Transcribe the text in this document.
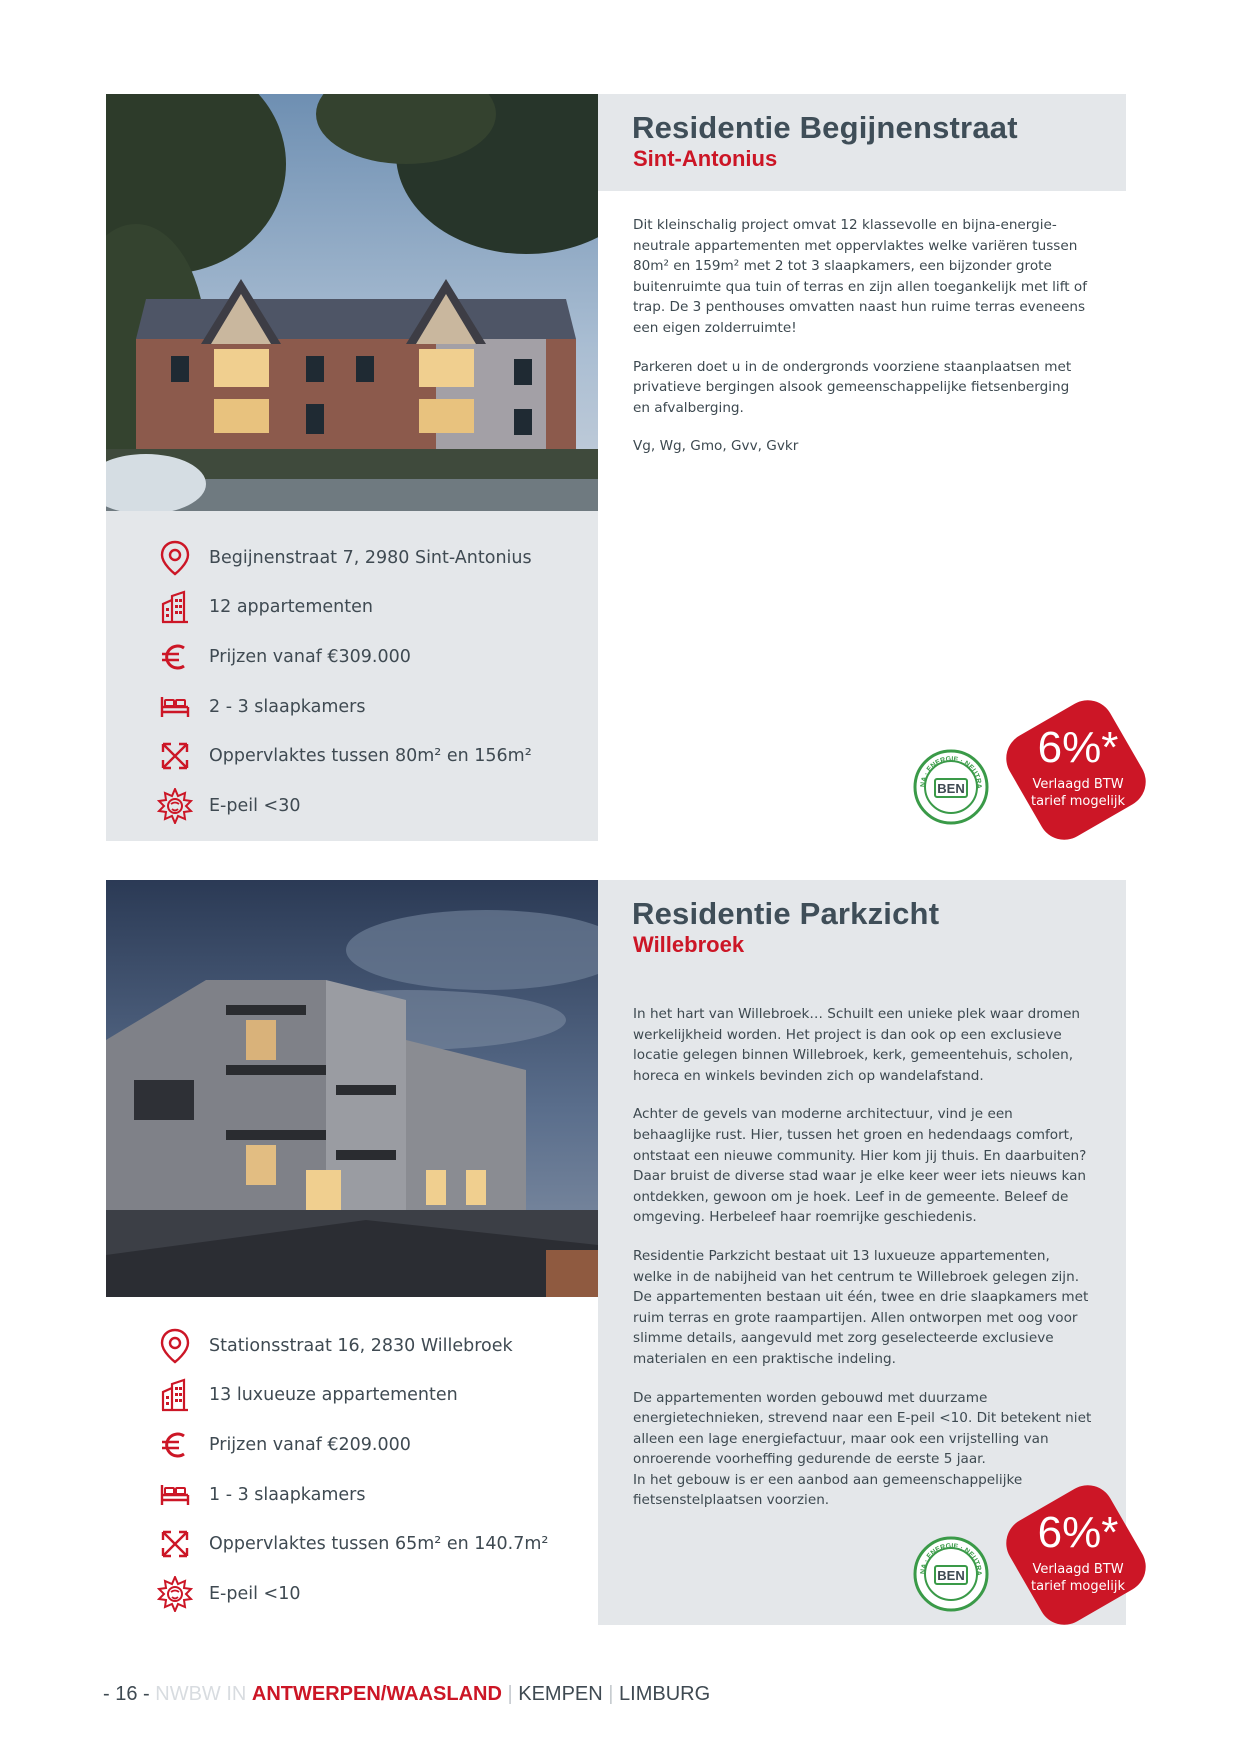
Residentie Begijnenstraat
Sint-Antonius

Dit kleinschalig project omvat 12 klassevolle en bijna-energie-neutrale appartementen met oppervlaktes welke variëren tussen 80m² en 159m² met 2 tot 3 slaapkamers, een bijzonder grote buitenruimte qua tuin of terras en zijn allen toegankelijk met lift of trap. De 3 penthouses omvatten naast hun ruime terras eveneens een eigen zolderruimte!

Parkeren doet u in de ondergronds voorziene staanplaatsen met privatieve bergingen alsook gemeenschappelijke fietsenberging en afvalberging.

Vg, Wg, Gmo, Gvv, Gvkr

Begijnenstraat 7, 2980 Sint-Antonius
12 appartementen
Prijzen vanaf €309.000
2 - 3 slaapkamers
Oppervlaktes tussen 80m² en 156m²
E-peil <30
NA · ENERGIE · NEUTRA
BEN
6%*
Verlaagd BTW
tarief mogelijk
Residentie Parkzicht
Willebroek

In het hart van Willebroek… Schuilt een unieke plek waar dromen werkelijkheid worden. Het project is dan ook op een exclusieve locatie gelegen binnen Willebroek, kerk, gemeentehuis, scholen, horeca en winkels bevinden zich op wandelafstand.

Achter de gevels van moderne architectuur, vind je een behaaglijke rust. Hier, tussen het groen en hedendaags comfort, ontstaat een nieuwe community. Hier kom jij thuis. En daarbuiten? Daar bruist de diverse stad waar je elke keer weer iets nieuws kan ontdekken, gewoon om je hoek. Leef in de gemeente. Beleef de omgeving. Herbeleef haar roemrijke geschiedenis.

Residentie Parkzicht bestaat uit 13 luxueuze appartementen, welke in de nabijheid van het centrum te Willebroek gelegen zijn. De appartementen bestaan uit één, twee en drie slaapkamers met ruim terras en grote raampartijen. Allen ontworpen met oog voor slimme details, aangevuld met zorg geselecteerde exclusieve materialen en een praktische indeling.

De appartementen worden gebouwd met duurzame energietechnieken, strevend naar een E-peil <10. Dit betekent niet alleen een lage energiefactuur, maar ook een vrijstelling van onroerende voorheffing gedurende de eerste 5 jaar.
In het gebouw is er een aanbod aan gemeenschappelijke fietsenstelplaatsen voorzien.

Stationsstraat 16, 2830 Willebroek
13 luxueuze appartementen
Prijzen vanaf €209.000
1 - 3 slaapkamers
Oppervlaktes tussen 65m² en 140.7m²
E-peil <10
NA · ENERGIE · NEUTRA
BEN
6%*
Verlaagd BTW
tarief mogelijk
- 16 - NWBW IN ANTWERPEN/WAASLAND | KEMPEN | LIMBURG
